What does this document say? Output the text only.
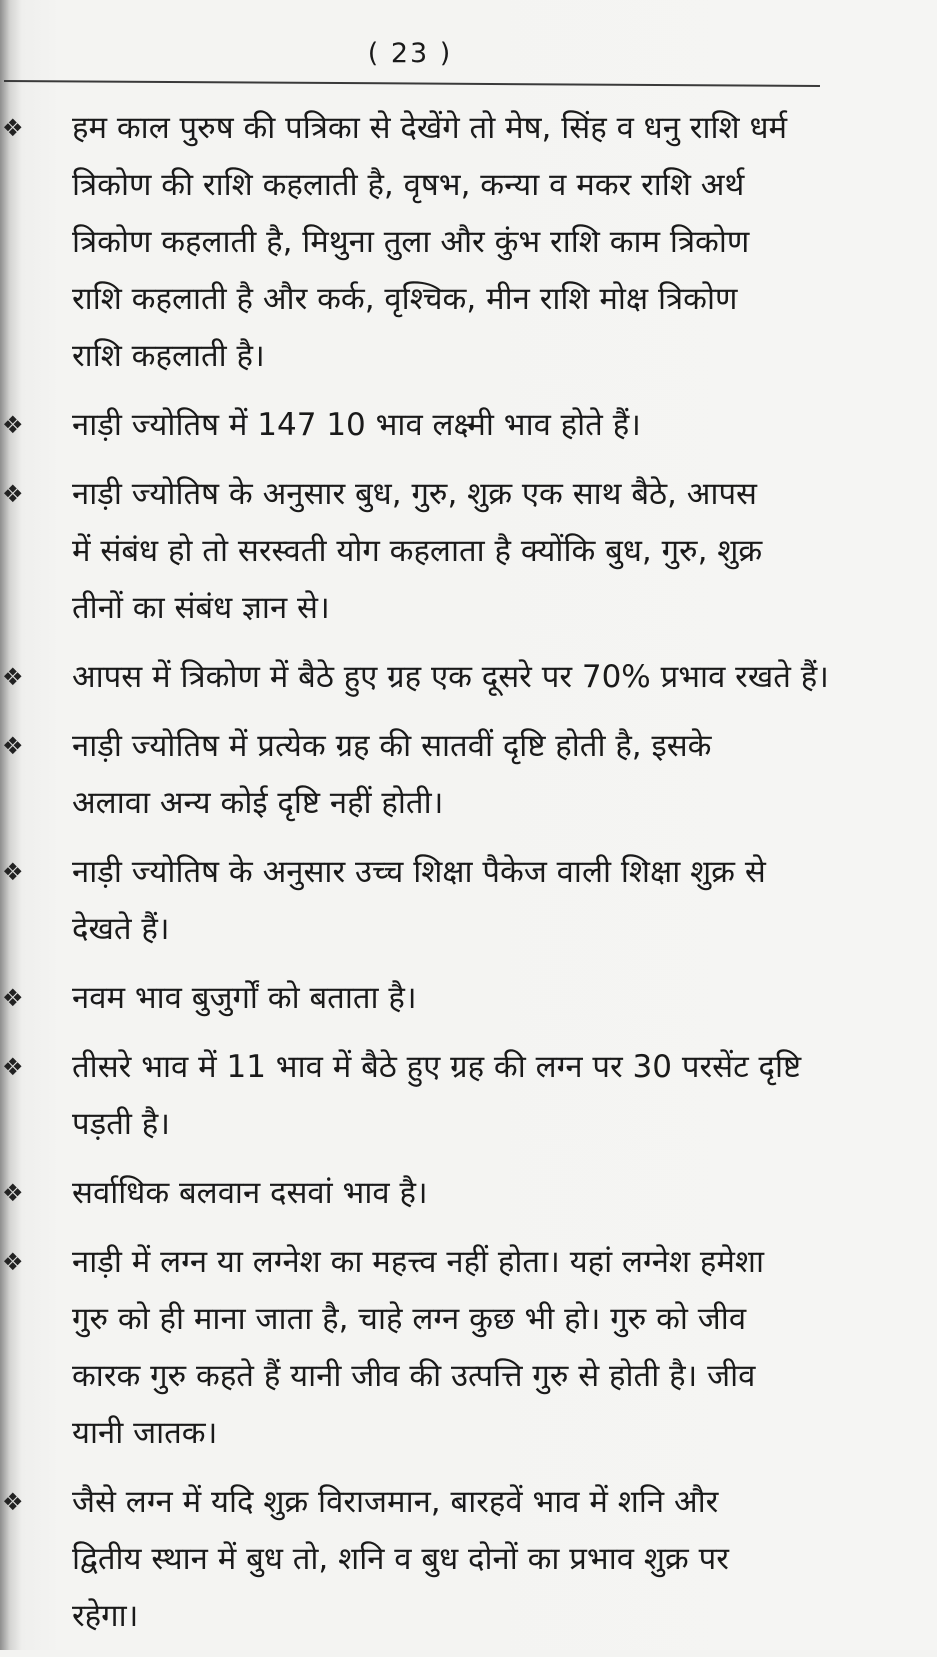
( 23 )
❖ हम काल पुरुष की पत्रिका से देखेंगे तो मेष, सिंह व धनु राशि धर्म
त्रिकोण की राशि कहलाती है, वृषभ, कन्या व मकर राशि अर्थ
त्रिकोण कहलाती है, मिथुना तुला और कुंभ राशि काम त्रिकोण
राशि कहलाती है और कर्क, वृश्चिक, मीन राशि मोक्ष त्रिकोण
राशि कहलाती है।
❖ नाड़ी ज्योतिष में 147 10 भाव लक्ष्मी भाव होते हैं।
❖ नाड़ी ज्योतिष के अनुसार बुध, गुरु, शुक्र एक साथ बैठे, आपस
में संबंध हो तो सरस्वती योग कहलाता है क्योंकि बुध, गुरु, शुक्र
तीनों का संबंध ज्ञान से।
❖ आपस में त्रिकोण में बैठे हुए ग्रह एक दूसरे पर 70% प्रभाव रखते हैं।
❖ नाड़ी ज्योतिष में प्रत्येक ग्रह की सातवीं दृष्टि होती है, इसके
अलावा अन्य कोई दृष्टि नहीं होती।
❖ नाड़ी ज्योतिष के अनुसार उच्च शिक्षा पैकेज वाली शिक्षा शुक्र से
देखते हैं।
❖ नवम भाव बुजुर्गों को बताता है।
❖ तीसरे भाव में 11 भाव में बैठे हुए ग्रह की लग्न पर 30 परसेंट दृष्टि
पड़ती है।
❖ सर्वाधिक बलवान दसवां भाव है।
❖ नाड़ी में लग्न या लग्नेश का महत्त्व नहीं होता। यहां लग्नेश हमेशा
गुरु को ही माना जाता है, चाहे लग्न कुछ भी हो। गुरु को जीव
कारक गुरु कहते हैं यानी जीव की उत्पत्ति गुरु से होती है। जीव
यानी जातक।
❖ जैसे लग्न में यदि शुक्र विराजमान, बारहवें भाव में शनि और
द्वितीय स्थान में बुध तो, शनि व बुध दोनों का प्रभाव शुक्र पर
रहेगा।
